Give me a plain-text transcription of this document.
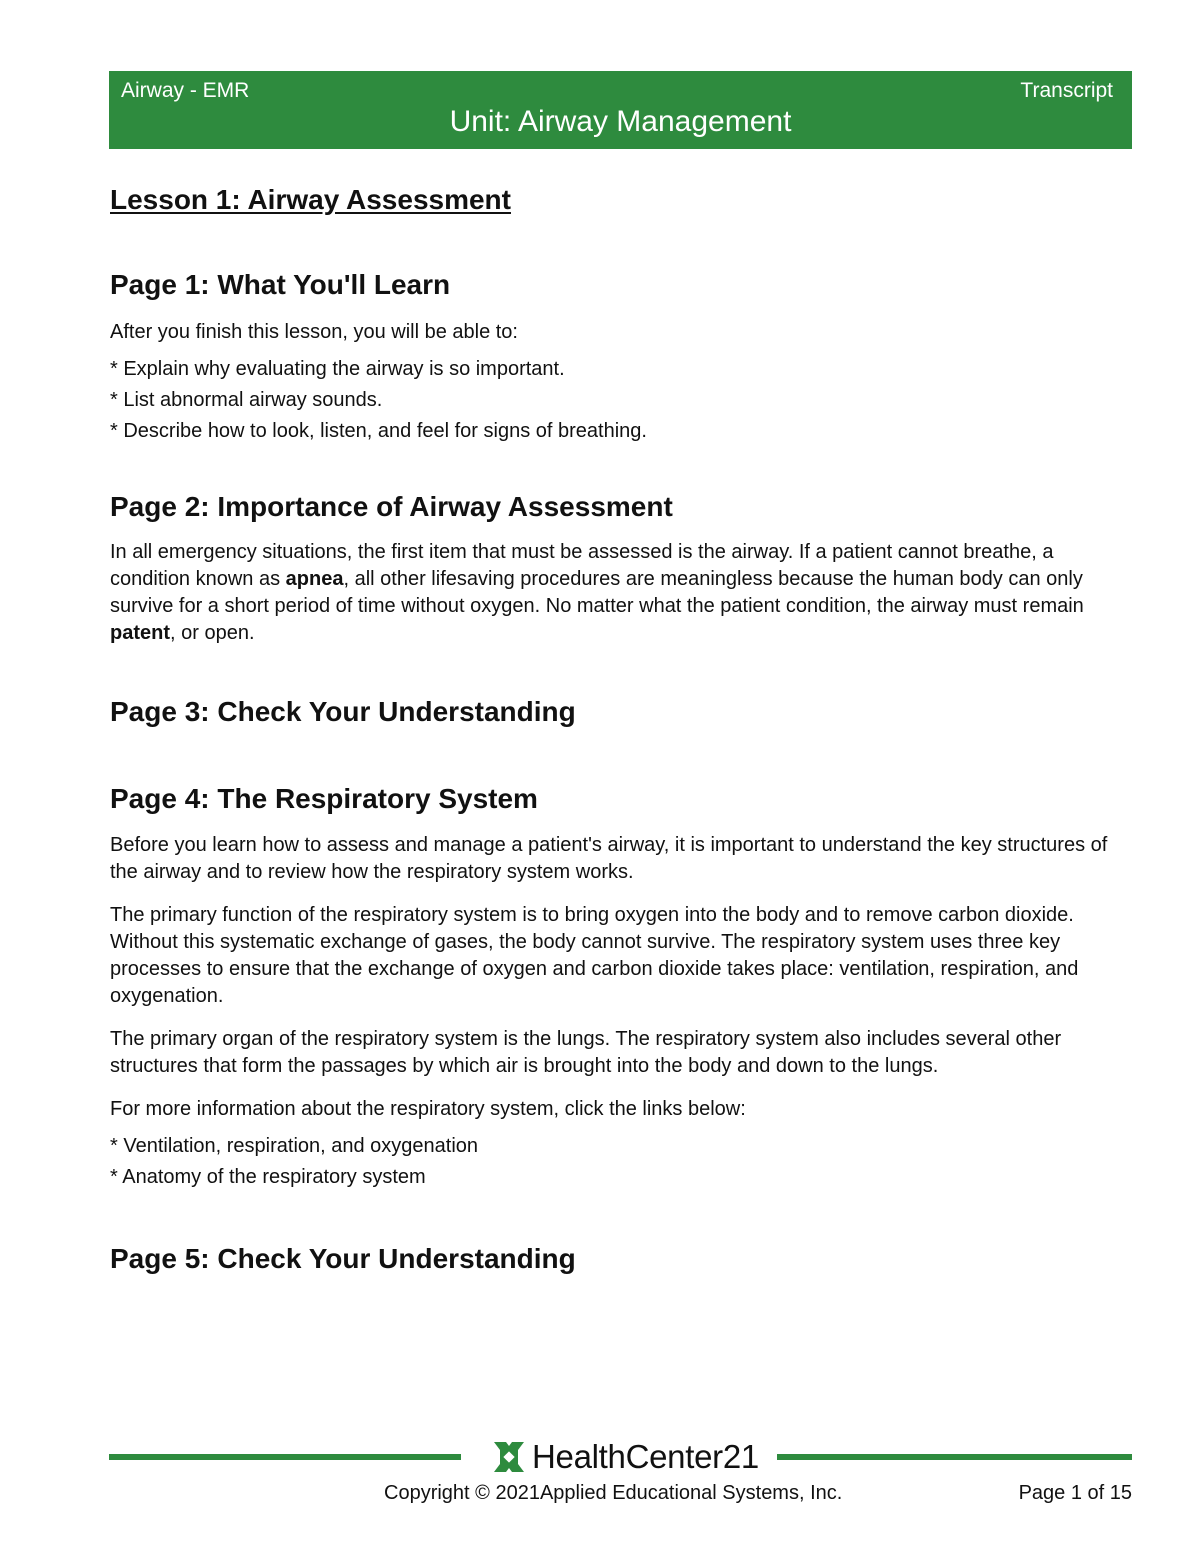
Airway - EMR	Transcript
Unit: Airway Management
Lesson 1: Airway Assessment
Page 1: What You'll Learn

After you finish this lesson, you will be able to:

* Explain why evaluating the airway is so important.
* List abnormal airway sounds.
* Describe how to look, listen, and feel for signs of breathing.
Page 2: Importance of Airway Assessment

In all emergency situations, the first item that must be assessed is the airway. If a patient cannot breathe, a condition known as apnea, all other lifesaving procedures are meaningless because the human body can only survive for a short period of time without oxygen. No matter what the patient condition, the airway must remain patent, or open.

Page 3: Check Your Understanding
Page 4: The Respiratory System

Before you learn how to assess and manage a patient's airway, it is important to understand the key structures of the airway and to review how the respiratory system works.

The primary function of the respiratory system is to bring oxygen into the body and to remove carbon dioxide. Without this systematic exchange of gases, the body cannot survive. The respiratory system uses three key processes to ensure that the exchange of oxygen and carbon dioxide takes place: ventilation, respiration, and oxygenation.

The primary organ of the respiratory system is the lungs. The respiratory system also includes several other structures that form the passages by which air is brought into the body and down to the lungs.

For more information about the respiratory system, click the links below:

* Ventilation, respiration, and oxygenation
* Anatomy of the respiratory system
Page 5: Check Your Understanding
HealthCenter21
Copyright © 2021Applied Educational Systems, Inc.	Page 1 of 15
